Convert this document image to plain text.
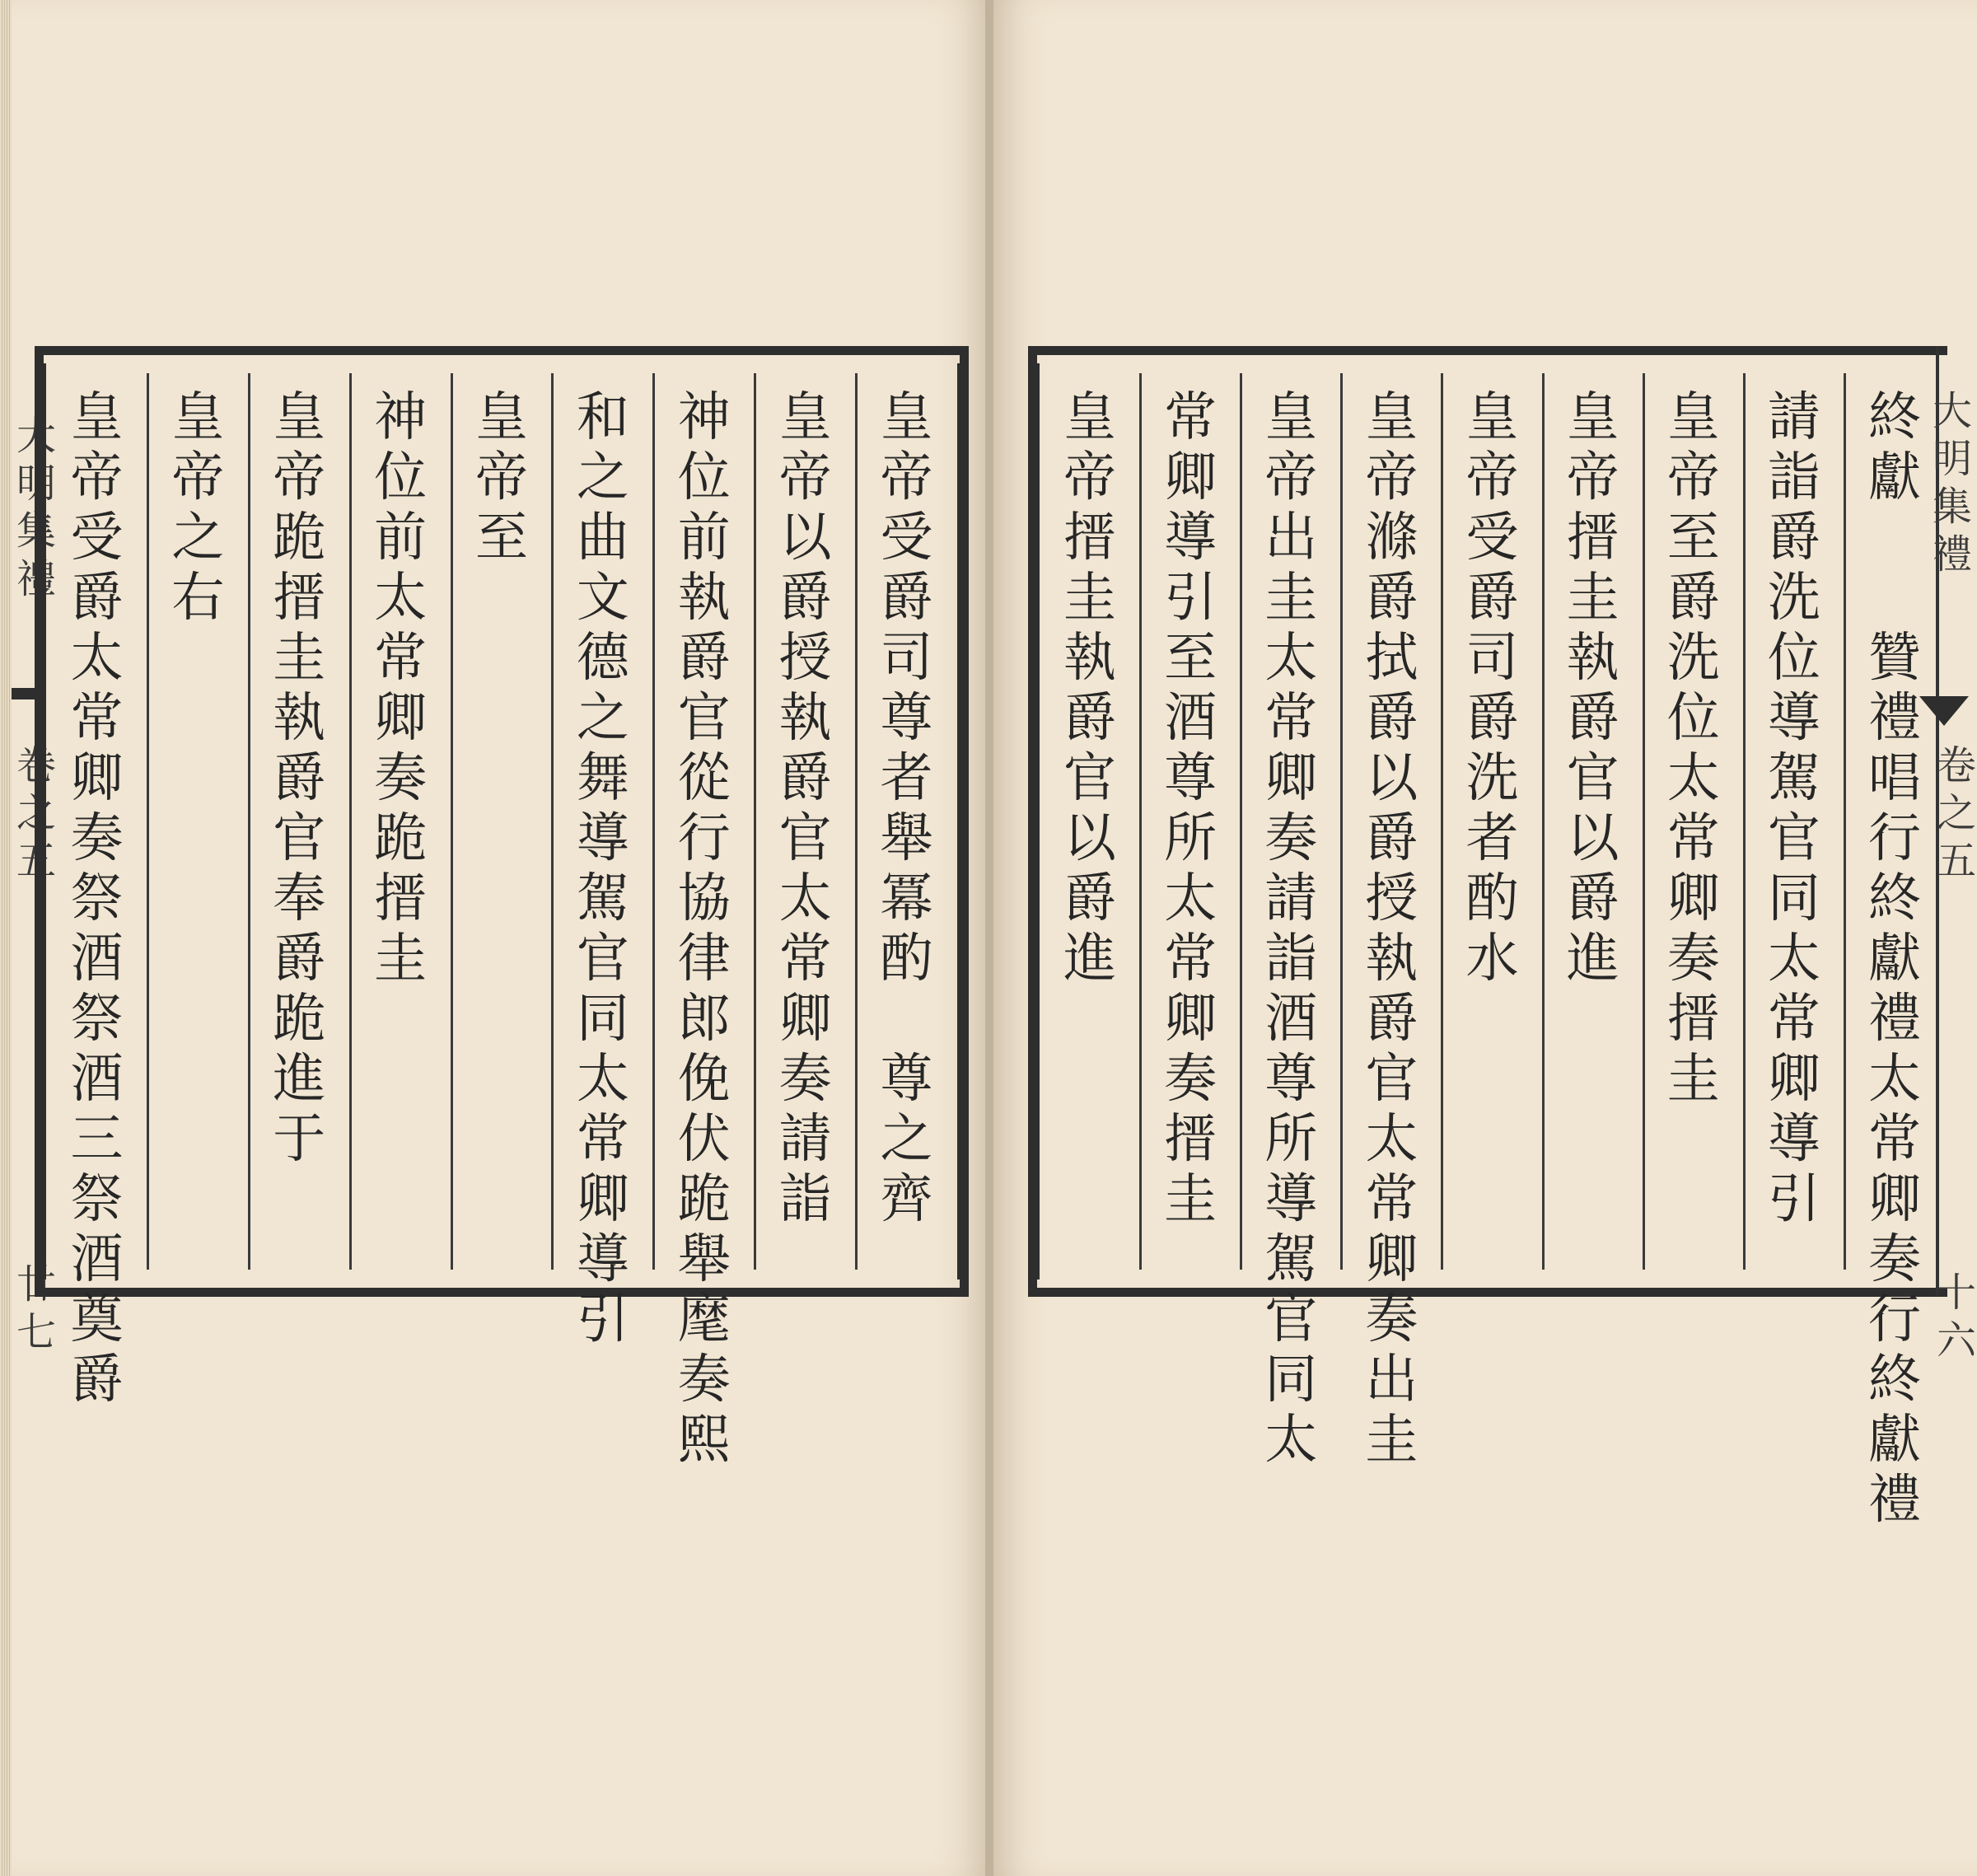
大
明
集
禮
卷
之
五
廿
七
皇
帝
受
爵
司
尊
者
舉
冪
酌
尊
之
齊
皇
帝
以
爵
授
執
爵
官
太
常
卿
奏
請
詣
神
位
前
執
爵
官
從
行
協
律
郎
俛
伏
跪
舉
麾
奏
熙
和
之
曲
文
德
之
舞
導
駕
官
同
太
常
卿
導
引
皇
帝
至
神
位
前
太
常
卿
奏
跪
搢
圭
皇
帝
跪
搢
圭
執
爵
官
奉
爵
跪
進
于
皇
帝
之
右
皇
帝
受
爵
太
常
卿
奏
祭
酒
祭
酒
三
祭
酒
奠
爵
終
獻
贊
禮
唱
行
終
獻
禮
太
常
卿
奏
行
終
獻
禮
請
詣
爵
洗
位
導
駕
官
同
太
常
卿
導
引
皇
帝
至
爵
洗
位
太
常
卿
奏
搢
圭
皇
帝
搢
圭
執
爵
官
以
爵
進
皇
帝
受
爵
司
爵
洗
者
酌
水
皇
帝
滌
爵
拭
爵
以
爵
授
執
爵
官
太
常
卿
奏
出
圭
皇
帝
出
圭
太
常
卿
奏
請
詣
酒
尊
所
導
駕
官
同
太
常
卿
導
引
至
酒
尊
所
太
常
卿
奏
搢
圭
皇
帝
搢
圭
執
爵
官
以
爵
進
大
明
集
禮
卷
之
五
十
六
